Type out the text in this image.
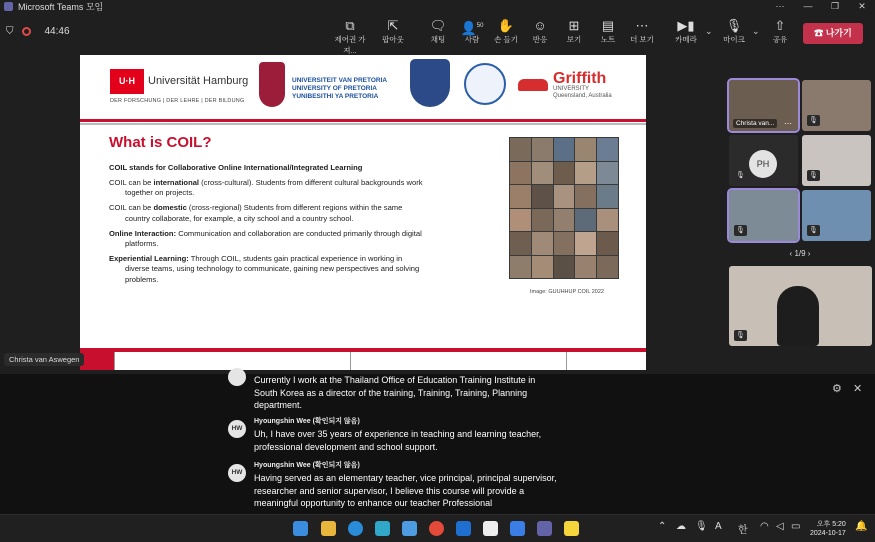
Microsoft Teams 모임	⋯	—	❐	✕
⛉	44:46	⧉
제어권 가져...
⇱
팝아웃
🗨
채팅
👤$^{50}$
사람
✋
손 들기
☺
반응
⊞
보기
▤
노트
⋯
더 보기
▶▮
카메라
⌄	🎙
마이크
⌄	⇧
공유
☎ 나가기
U·H	Universität Hamburg
DER FORSCHUNG | DER LEHRE | DER BILDUNG
UNIVERSITEIT VAN PRETORIA
UNIVERSITY OF PRETORIA
YUNIBESITHI YA PRETORIA
Griffith
UNIVERSITY
Queensland, Australia
What is COIL?

COIL stands for Collaborative Online International/Integrated Learning

COIL can be international (cross-cultural). Students from different cultural backgrounds work
together on projects.

COIL can be domestic (cross-regional) Students from different regions within the same
country collaborate, for example, a city school and a country school.

Online Interaction: Communication and collaboration are conducted primarily through digital
platforms.

Experiential Learning: Through COIL, students gain practical experience in working in
diverse teams, using technology to communicate, gaining new perspectives and solving
problems.

Image: GUUHHUP COIL 2022
Christa van Aswegen
Christa van...	⋯ 🎙
🎙
PH
🎙
🎙	🎙
‹ 1/9 ›
🎙
Currently I work at the Thailand Office of Education Training Institute in
South Korea as a director of the training, Training, Training, Planning
department.
HW
Hyoungshin Wee (확인되지 않음)
Uh, I have over 35 years of experience in teaching and learning teacher,
professional development and school support.
HW
Hyoungshin Wee (확인되지 않음)
Having served as an elementary teacher, vice principal, principal supervisor,
researcher and senior supervisor, I believe this course will provide a
meaningful opportunity to enhance our teacher Professional
⚙ ✕
⌃ ☁ 🎙 A 한 ◠ ◁ ▭	오후 5:20
2024-10-17
🔔
